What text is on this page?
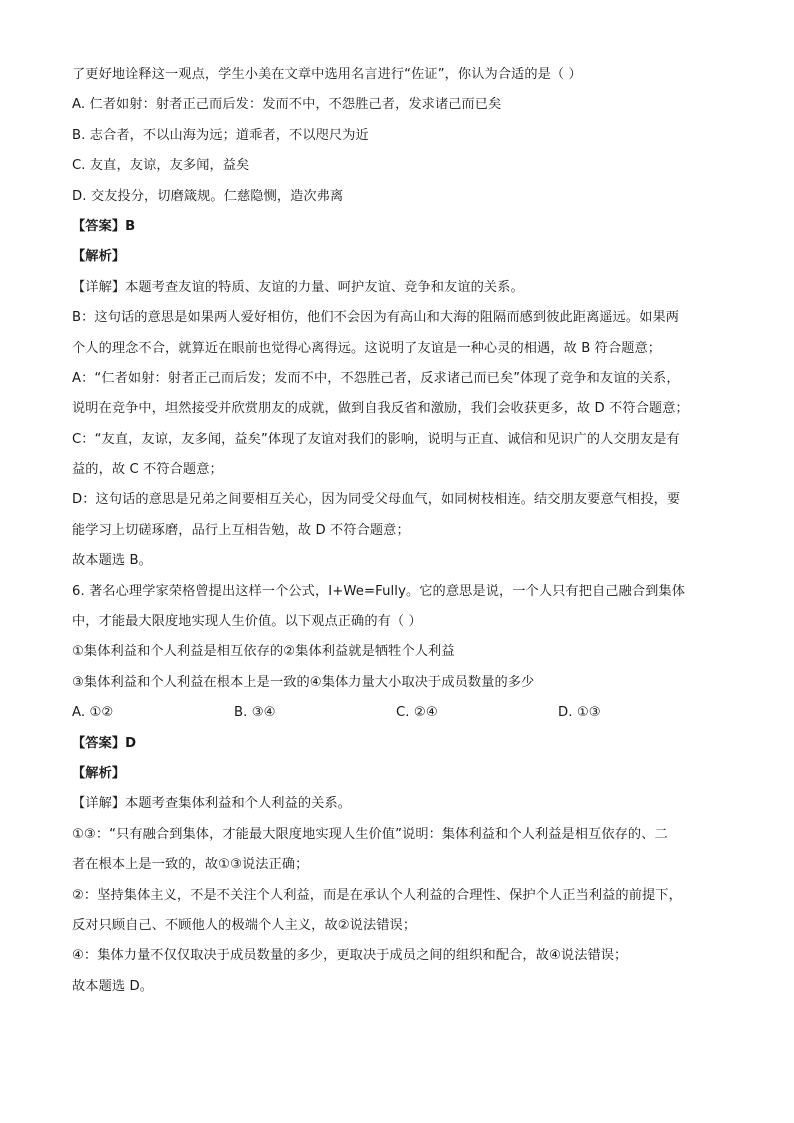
了更好地诠释这一观点，学生小美在文章中选用名言进行“佐证”，你认为合适的是（ ）
A. 仁者如射：射者正己而后发：发而不中，不怨胜己者，发求诸己而已矣
B. 志合者，不以山海为远；道乖者，不以咫尺为近
C. 友直，友谅，友多闻，益矣
D. 交友投分，切磨箴规。仁慈隐恻，造次弗离
【答案】B
【解析】
【详解】本题考查友谊的特质、友谊的力量、呵护友谊、竞争和友谊的关系。
B：这句话的意思是如果两人爱好相仿，他们不会因为有高山和大海的阻隔而感到彼此距离遥远。如果两
个人的理念不合，就算近在眼前也觉得心离得远。这说明了友谊是一种心灵的相遇，故 B 符合题意；
A：“仁者如射：射者正己而后发；发而不中，不怨胜己者，反求诸己而已矣”体现了竞争和友谊的关系，
说明在竞争中，坦然接受并欣赏朋友的成就，做到自我反省和激励，我们会收获更多，故 D 不符合题意；
C：“友直，友谅，友多闻，益矣”体现了友谊对我们的影响，说明与正直、诚信和见识广的人交朋友是有
益的，故 C 不符合题意；
D：这句话的意思是兄弟之间要相互关心，因为同受父母血气，如同树枝相连。结交朋友要意气相投，要
能学习上切磋琢磨，品行上互相告勉，故 D 不符合题意；
故本题选 B。
6. 著名心理学家荣格曾提出这样一个公式，I+We=Fully。它的意思是说，一个人只有把自己融合到集体
中，才能最大限度地实现人生价值。以下观点正确的有（ ）
①集体利益和个人利益是相互依存的②集体利益就是牺牲个人利益
③集体利益和个人利益在根本上是一致的④集体力量大小取决于成员数量的多少
A. ①②	B. ③④	C. ②④	D. ①③
【答案】D
【解析】
【详解】本题考查集体利益和个人利益的关系。
①③：“只有融合到集体，才能最大限度地实现人生价值”说明：集体利益和个人利益是相互依存的、二
者在根本上是一致的，故①③说法正确；
②：坚持集体主义，不是不关注个人利益，而是在承认个人利益的合理性、保护个人正当利益的前提下，
反对只顾自己、不顾他人的极端个人主义，故②说法错误；
④：集体力量不仅仅取决于成员数量的多少，更取决于成员之间的组织和配合，故④说法错误；
故本题选 D。
